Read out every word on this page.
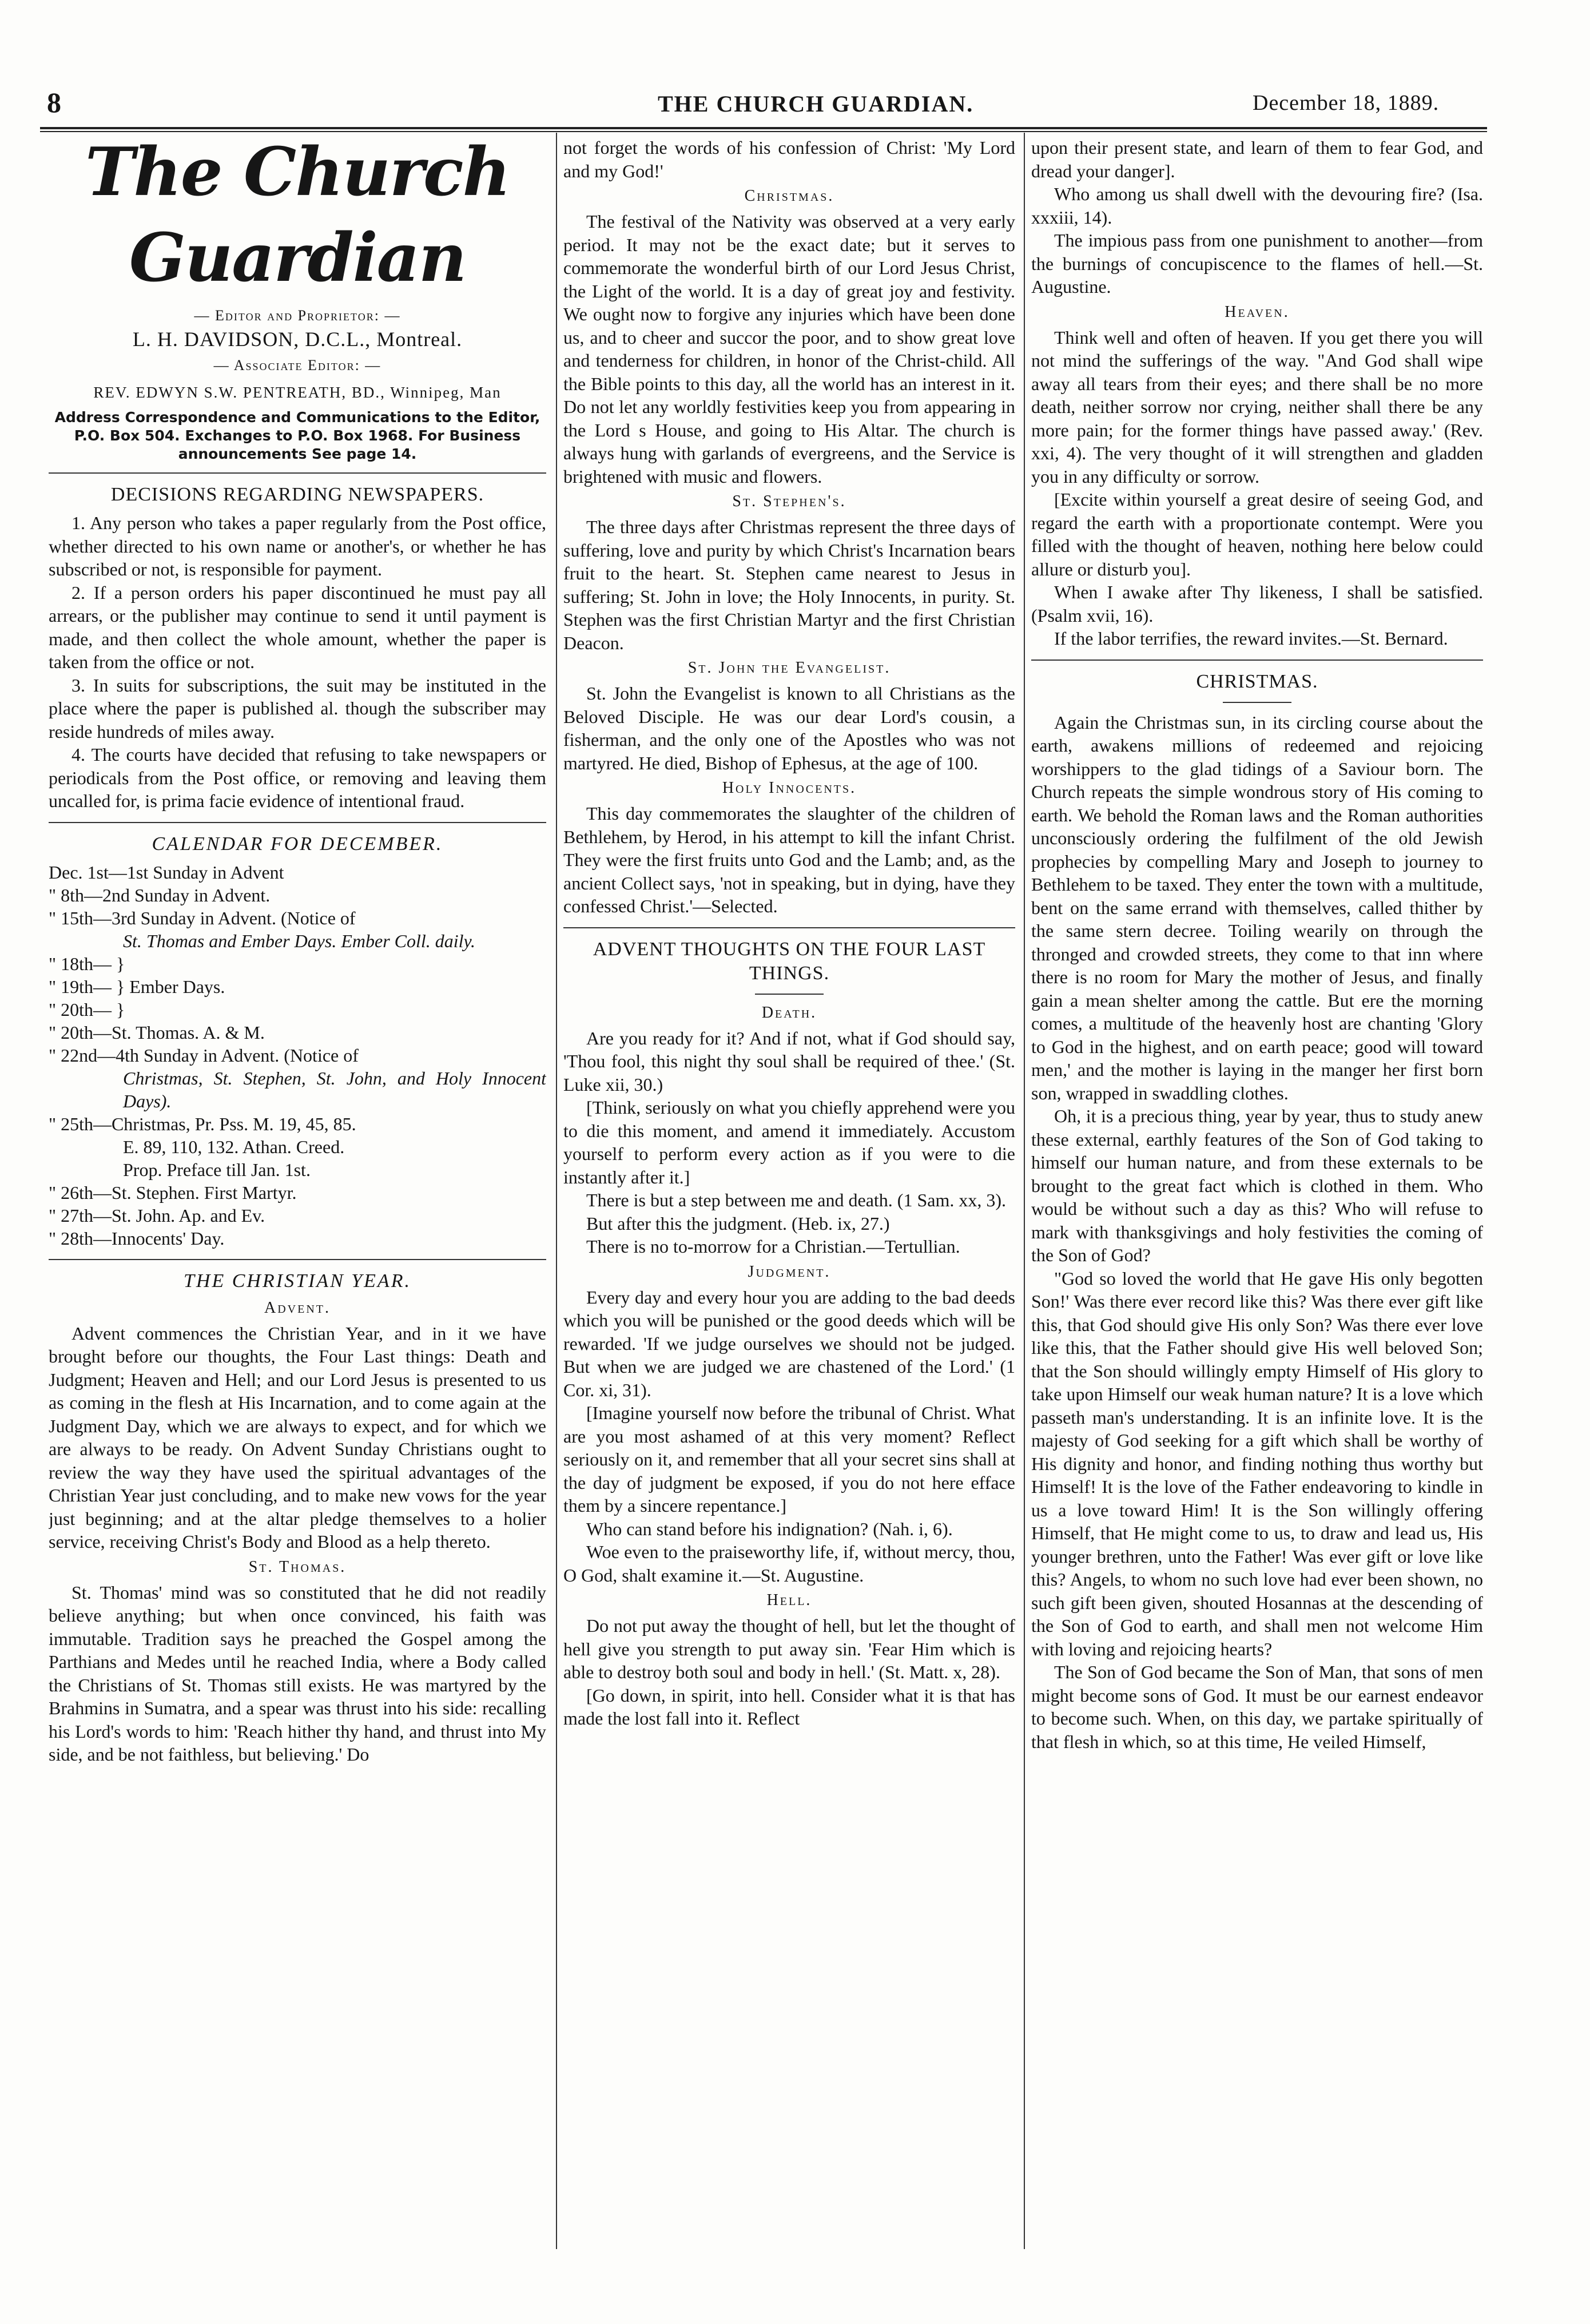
8	THE CHURCH GUARDIAN.	December 18, 1889.
The Church Guardian
— Editor and Proprietor: —
L. H. DAVIDSON, D.C.L., Montreal.
— Associate Editor: —
REV. EDWYN S.W. PENTREATH, BD., Winnipeg, Man
Address Correspondence and Communications to the Editor, P.O. Box 504. Exchanges to P.O. Box 1968. For Business announcements See page 14.
DECISIONS REGARDING NEWSPAPERS.

1. Any person who takes a paper regularly from the Post office, whether directed to his own name or another's, or whether he has subscribed or not, is responsible for payment.

2. If a person orders his paper discontinued he must pay all arrears, or the publisher may continue to send it until payment is made, and then collect the whole amount, whether the paper is taken from the office or not.

3. In suits for subscriptions, the suit may be instituted in the place where the paper is published al. though the subscriber may reside hundreds of miles away.

4. The courts have decided that refusing to take newspapers or periodicals from the Post office, or removing and leaving them uncalled for, is prima facie evidence of intentional fraud.

CALENDAR FOR DECEMBER.
Dec. 1st—1st Sunday in Advent
" 8th—2nd Sunday in Advent.
" 15th—3rd Sunday in Advent. (Notice of
St. Thomas and Ember Days. Ember Coll. daily.
" 18th— }
" 19th— } Ember Days.
" 20th— }
" 20th—St. Thomas. A. & M.
" 22nd—4th Sunday in Advent. (Notice of
Christmas, St. Stephen, St. John, and Holy Innocent Days).
" 25th—Christmas, Pr. Pss. M. 19, 45, 85.
E. 89, 110, 132. Athan. Creed.
Prop. Preface till Jan. 1st.
" 26th—St. Stephen. First Martyr.
" 27th—St. John. Ap. and Ev.
" 28th—Innocents' Day.
THE CHRISTIAN YEAR.
Advent.

Advent commences the Christian Year, and in it we have brought before our thoughts, the Four Last things: Death and Judgment; Heaven and Hell; and our Lord Jesus is presented to us as coming in the flesh at His Incarnation, and to come again at the Judgment Day, which we are always to expect, and for which we are always to be ready. On Advent Sunday Christians ought to review the way they have used the spiritual advantages of the Christian Year just concluding, and to make new vows for the year just beginning; and at the altar pledge themselves to a holier service, receiving Christ's Body and Blood as a help thereto.

St. Thomas.

St. Thomas' mind was so constituted that he did not readily believe anything; but when once convinced, his faith was immutable. Tradition says he preached the Gospel among the Parthians and Medes until he reached India, where a Body called the Christians of St. Thomas still exists. He was martyred by the Brahmins in Sumatra, and a spear was thrust into his side: recalling his Lord's words to him: 'Reach hither thy hand, and thrust into My side, and be not faithless, but believing.' Do

not forget the words of his confession of Christ: 'My Lord and my God!'

Christmas.

The festival of the Nativity was observed at a very early period. It may not be the exact date; but it serves to commemorate the wonderful birth of our Lord Jesus Christ, the Light of the world. It is a day of great joy and festivity. We ought now to forgive any injuries which have been done us, and to cheer and succor the poor, and to show great love and tenderness for children, in honor of the Christ-child. All the Bible points to this day, all the world has an interest in it. Do not let any worldly festivities keep you from appearing in the Lord s House, and going to His Altar. The church is always hung with garlands of evergreens, and the Service is brightened with music and flowers.

St. Stephen's.

The three days after Christmas represent the three days of suffering, love and purity by which Christ's Incarnation bears fruit to the heart. St. Stephen came nearest to Jesus in suffering; St. John in love; the Holy Innocents, in purity. St. Stephen was the first Christian Martyr and the first Christian Deacon.

St. John the Evangelist.

St. John the Evangelist is known to all Christians as the Beloved Disciple. He was our dear Lord's cousin, a fisherman, and the only one of the Apostles who was not martyred. He died, Bishop of Ephesus, at the age of 100.

Holy Innocents.

This day commemorates the slaughter of the children of Bethlehem, by Herod, in his attempt to kill the infant Christ. They were the first fruits unto God and the Lamb; and, as the ancient Collect says, 'not in speaking, but in dying, have they confessed Christ.'—Selected.

ADVENT THOUGHTS ON THE FOUR LAST THINGS.
Death.

Are you ready for it? And if not, what if God should say, 'Thou fool, this night thy soul shall be required of thee.' (St. Luke xii, 30.)

[Think, seriously on what you chiefly apprehend were you to die this moment, and amend it immediately. Accustom yourself to perform every action as if you were to die instantly after it.]

There is but a step between me and death. (1 Sam. xx, 3).

But after this the judgment. (Heb. ix, 27.)

There is no to-morrow for a Christian.—Tertullian.

Judgment.

Every day and every hour you are adding to the bad deeds which you will be punished or the good deeds which will be rewarded. 'If we judge ourselves we should not be judged. But when we are judged we are chastened of the Lord.' (1 Cor. xi, 31).

[Imagine yourself now before the tribunal of Christ. What are you most ashamed of at this very moment? Reflect seriously on it, and remember that all your secret sins shall at the day of judgment be exposed, if you do not here efface them by a sincere repentance.]

Who can stand before his indignation? (Nah. i, 6).

Woe even to the praiseworthy life, if, without mercy, thou, O God, shalt examine it.—St. Augustine.

Hell.

Do not put away the thought of hell, but let the thought of hell give you strength to put away sin. 'Fear Him which is able to destroy both soul and body in hell.' (St. Matt. x, 28).

[Go down, in spirit, into hell. Consider what it is that has made the lost fall into it. Reflect

upon their present state, and learn of them to fear God, and dread your danger].

Who among us shall dwell with the devouring fire? (Isa. xxxiii, 14).

The impious pass from one punishment to another—from the burnings of concupiscence to the flames of hell.—St. Augustine.

Heaven.

Think well and often of heaven. If you get there you will not mind the sufferings of the way. "And God shall wipe away all tears from their eyes; and there shall be no more death, neither sorrow nor crying, neither shall there be any more pain; for the former things have passed away.' (Rev. xxi, 4). The very thought of it will strengthen and gladden you in any difficulty or sorrow.

[Excite within yourself a great desire of seeing God, and regard the earth with a proportionate contempt. Were you filled with the thought of heaven, nothing here below could allure or disturb you].

When I awake after Thy likeness, I shall be satisfied. (Psalm xvii, 16).

If the labor terrifies, the reward invites.—St. Bernard.

CHRISTMAS.

Again the Christmas sun, in its circling course about the earth, awakens millions of redeemed and rejoicing worshippers to the glad tidings of a Saviour born. The Church repeats the simple wondrous story of His coming to earth. We behold the Roman laws and the Roman authorities unconsciously ordering the fulfilment of the old Jewish prophecies by compelling Mary and Joseph to journey to Bethlehem to be taxed. They enter the town with a multitude, bent on the same errand with themselves, called thither by the same stern decree. Toiling wearily on through the thronged and crowded streets, they come to that inn where there is no room for Mary the mother of Jesus, and finally gain a mean shelter among the cattle. But ere the morning comes, a multitude of the heavenly host are chanting 'Glory to God in the highest, and on earth peace; good will toward men,' and the mother is laying in the manger her first born son, wrapped in swaddling clothes.

Oh, it is a precious thing, year by year, thus to study anew these external, earthly features of the Son of God taking to himself our human nature, and from these externals to be brought to the great fact which is clothed in them. Who would be without such a day as this? Who will refuse to mark with thanksgivings and holy festivities the coming of the Son of God?

"God so loved the world that He gave His only begotten Son!' Was there ever record like this? Was there ever gift like this, that God should give His only Son? Was there ever love like this, that the Father should give His well beloved Son; that the Son should willingly empty Himself of His glory to take upon Himself our weak human nature? It is a love which passeth man's understanding. It is an infinite love. It is the majesty of God seeking for a gift which shall be worthy of His dignity and honor, and finding nothing thus worthy but Himself! It is the love of the Father endeavoring to kindle in us a love toward Him! It is the Son willingly offering Himself, that He might come to us, to draw and lead us, His younger brethren, unto the Father! Was ever gift or love like this? Angels, to whom no such love had ever been shown, no such gift been given, shouted Hosannas at the descending of the Son of God to earth, and shall men not welcome Him with loving and rejoicing hearts?

The Son of God became the Son of Man, that sons of men might become sons of God. It must be our earnest endeavor to become such. When, on this day, we partake spiritually of that flesh in which, so at this time, He veiled Himself,
